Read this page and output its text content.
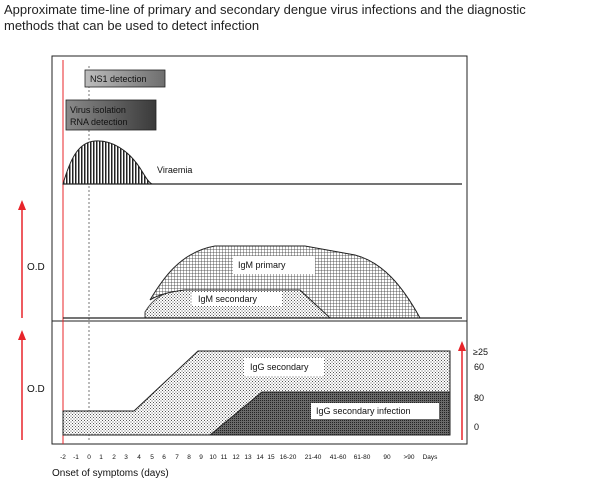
Approximate time-line of primary and secondary dengue virus infections and the diagnostic
methods that can be used to detect infection
NS1 detection
Virus isolation
RNA detection
Viraemia
O.D	IgM primary
IgM secondary
O.D
IgG secondary
IgG secondary infection
≥25
60
80
0
-2 -1 0 1 2 3 4 5 6 7 8 9 10 11 12 13 14 15 16-20 21-40 41-60 61-80 90 >90 Days
Onset of symptoms (days)
